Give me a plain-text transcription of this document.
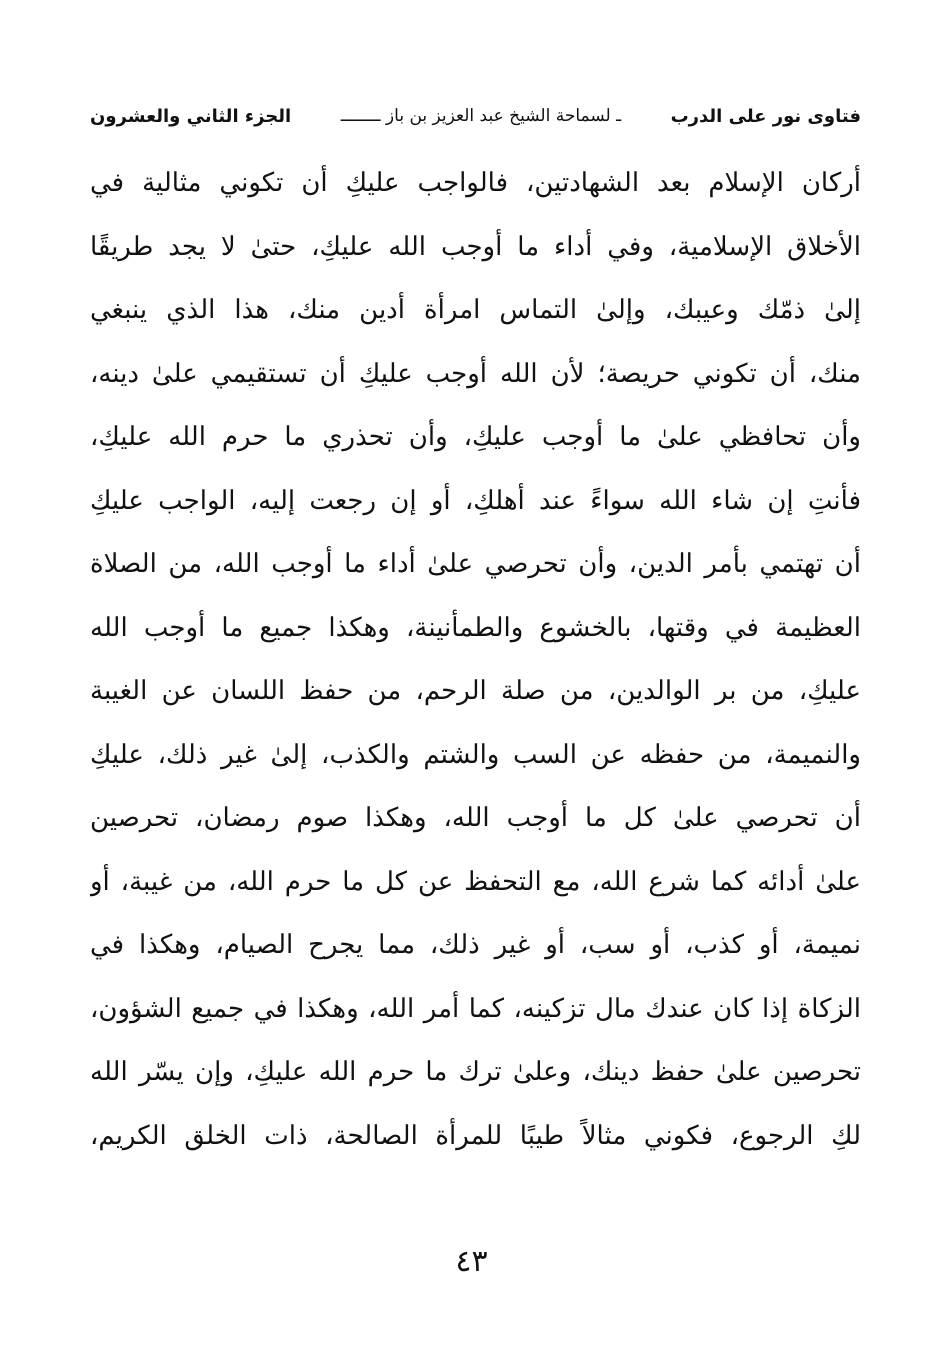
فتاوى نور على الدرب
ـ لسماحة الشيخ عبد العزيز بن باز ــــــــ
الجزء الثاني والعشرون
أركان الإسلام بعد الشهادتين، فالواجب عليكِ أن تكوني مثالية في
الأخلاق الإسلامية، وفي أداء ما أوجب الله عليكِ، حتىٰ لا يجد طريقًا
إلىٰ ذمّك وعيبك، وإلىٰ التماس امرأة أدين منك، هذا الذي ينبغي
منك، أن تكوني حريصة؛ لأن الله أوجب عليكِ أن تستقيمي علىٰ دينه،
وأن تحافظي علىٰ ما أوجب عليكِ، وأن تحذري ما حرم الله عليكِ،
فأنتِ إن شاء الله سواءً عند أهلكِ، أو إن رجعت إليه، الواجب عليكِ
أن تهتمي بأمر الدين، وأن تحرصي علىٰ أداء ما أوجب الله، من الصلاة
العظيمة في وقتها، بالخشوع والطمأنينة، وهكذا جميع ما أوجب الله
عليكِ، من بر الوالدين، من صلة الرحم، من حفظ اللسان عن الغيبة
والنميمة، من حفظه عن السب والشتم والكذب، إلىٰ غير ذلك، عليكِ
أن تحرصي علىٰ كل ما أوجب الله، وهكذا صوم رمضان، تحرصين
علىٰ أدائه كما شرع الله، مع التحفظ عن كل ما حرم الله، من غيبة، أو
نميمة، أو كذب، أو سب، أو غير ذلك، مما يجرح الصيام، وهكذا في
الزكاة إذا كان عندك مال تزكينه، كما أمر الله، وهكذا في جميع الشؤون،
تحرصين علىٰ حفظ دينك، وعلىٰ ترك ما حرم الله عليكِ، وإن يسّر الله
لكِ الرجوع، فكوني مثالاً طيبًا للمرأة الصالحة، ذات الخلق الكريم،
٤٣
